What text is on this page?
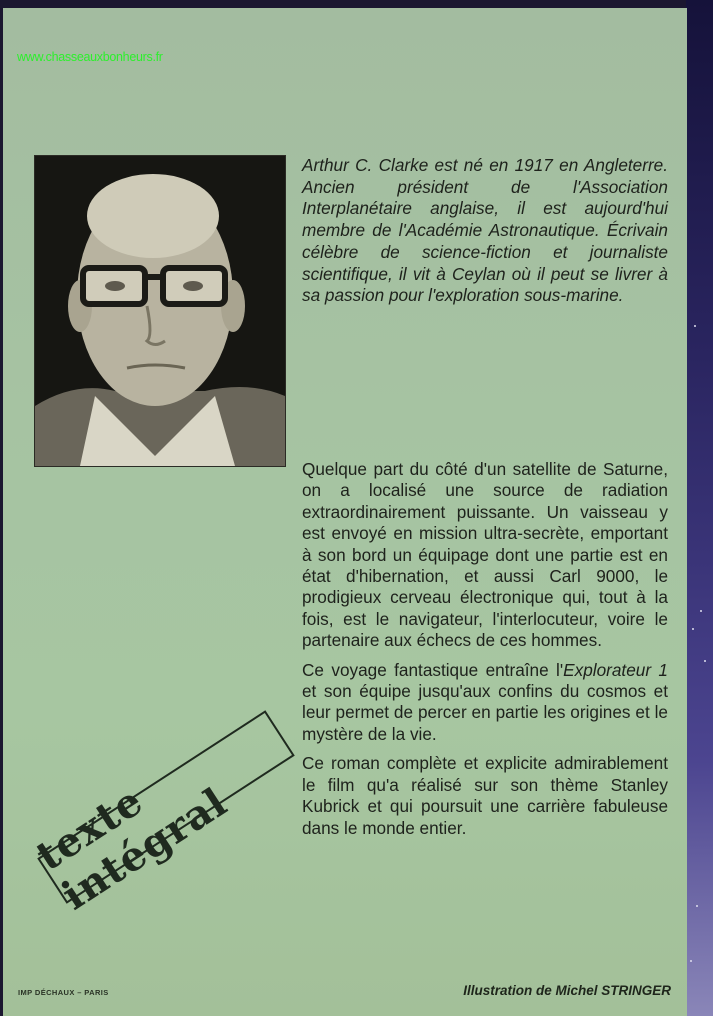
www.chasseauxbonheurs.fr
Arthur C. Clarke est né en 1917 en Angleterre. Ancien président de l'Association Interplanétaire anglaise, il est aujourd'hui membre de l'Académie Astronautique. Écrivain célèbre de science-fiction et journaliste scientifique, il vit à Ceylan où il peut se livrer à sa passion pour l'exploration sous-marine.

Quelque part du côté d'un satellite de Saturne, on a localisé une source de radiation extraordinairement puissante. Un vaisseau y est envoyé en mission ultra-secrète, emportant à son bord un équipage dont une partie est en état d'hibernation, et aussi Carl 9000, le prodigieux cerveau électronique qui, tout à la fois, est le navigateur, l'interlocuteur, voire le partenaire aux échecs de ces hommes.

Ce voyage fantastique entraîne l'Explorateur 1 et son équipe jusqu'aux confins du cosmos et leur permet de percer en partie les origines et le mystère de la vie.

Ce roman complète et explicite admirablement le film qu'a réalisé sur son thème Stanley Kubrick et qui poursuit une carrière fabuleuse dans le monde entier.

texte intégral
IMP DÉCHAUX – PARIS	Illustration de Michel STRINGER
